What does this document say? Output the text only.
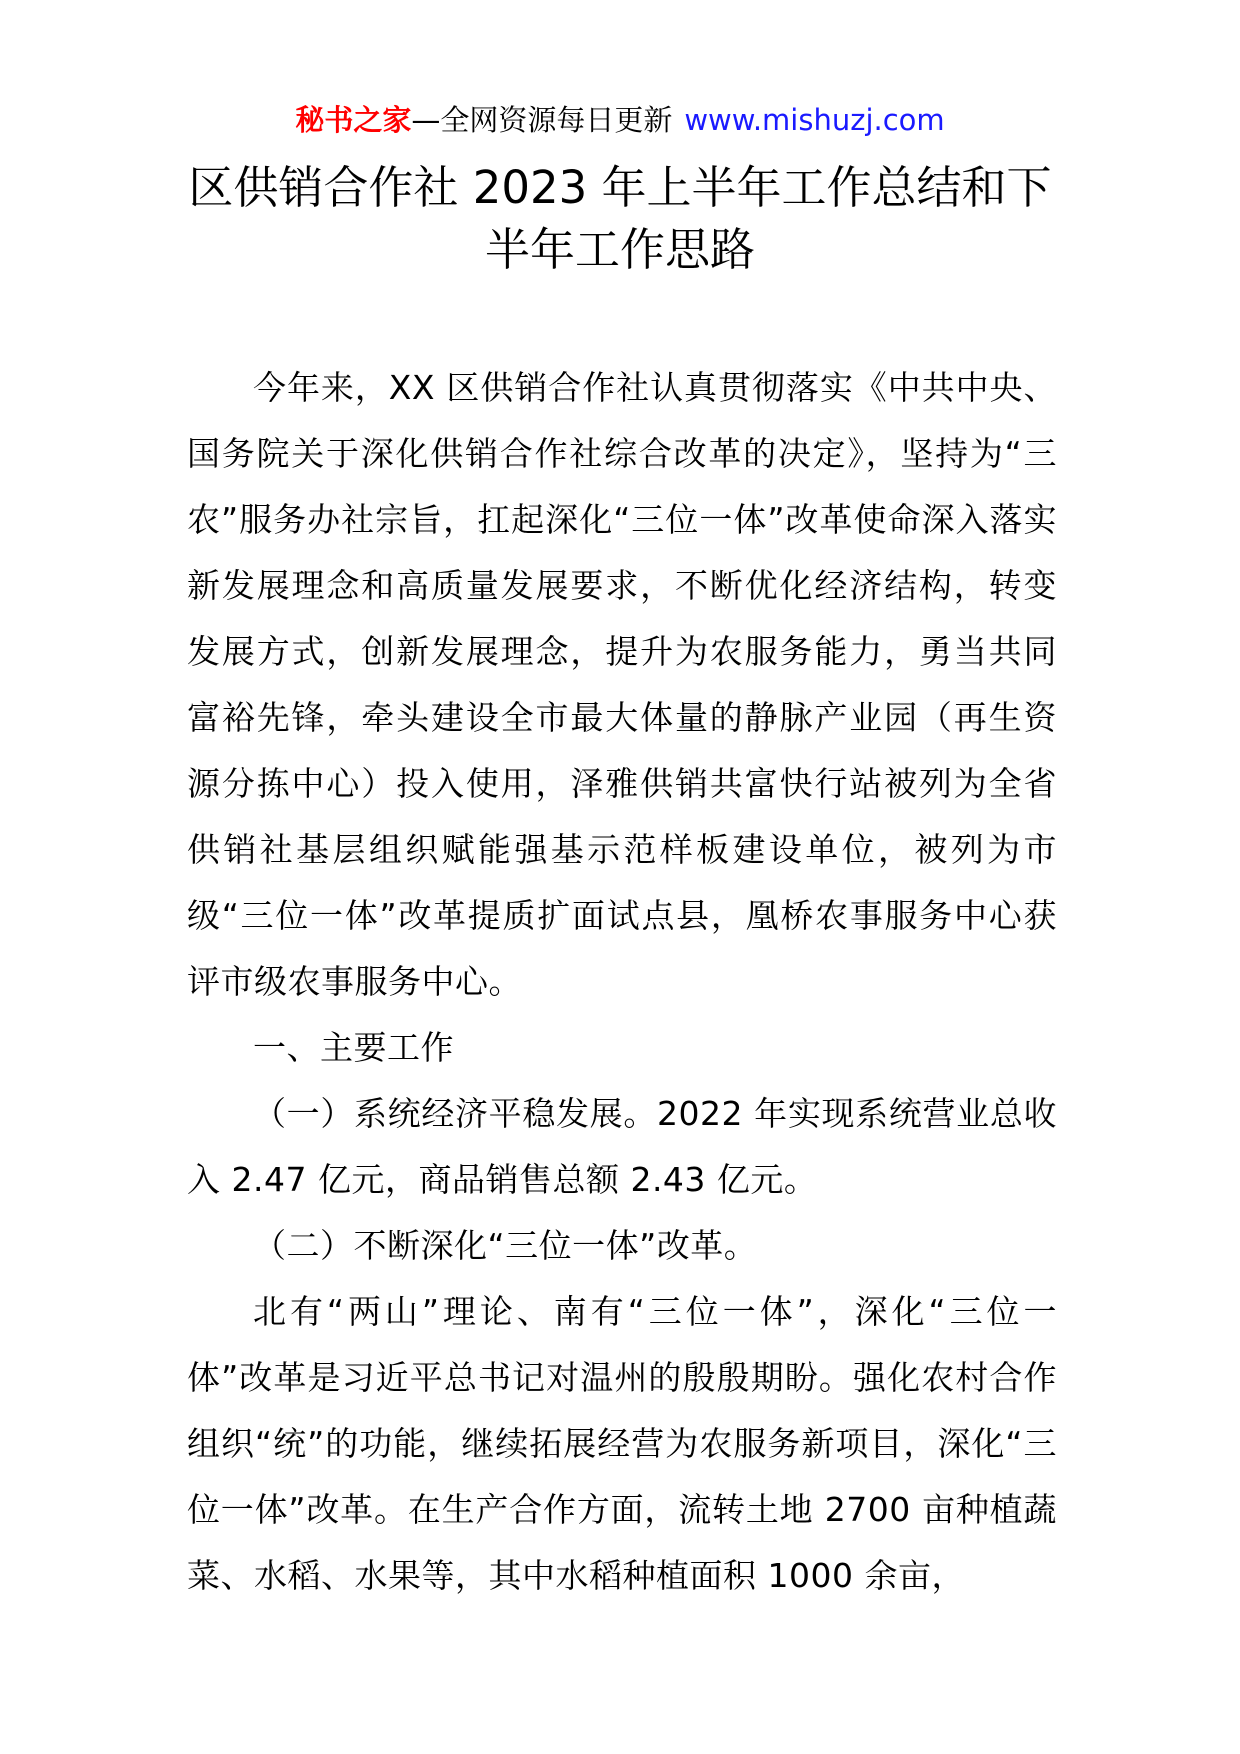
秘书之家—全网资源每日更新 www.mishuzj.com
区供销合作社 2023 年上半年工作总结和下
半年工作思路

今年来，XX 区供销合作社认真贯彻落实《中共中央、国务院关于深化供销合作社综合改革的决定》，坚持为“三农”服务办社宗旨，扛起深化“三位一体”改革使命深入落实新发展理念和高质量发展要求，不断优化经济结构，转变发展方式，创新发展理念，提升为农服务能力，勇当共同富裕先锋，牵头建设全市最大体量的静脉产业园（再生资源分拣中心）投入使用，泽雅供销共富快行站被列为全省供销社基层组织赋能强基示范样板建设单位，被列为市级“三位一体”改革提质扩面试点县，凰桥农事服务中心获评市级农事服务中心。

一、主要工作

（一）系统经济平稳发展。2022 年实现系统营业总收入 2.47 亿元，商品销售总额 2.43 亿元。

（二）不断深化“三位一体”改革。

北有“两山”理论、南有“三位一体”，深化“三位一体”改革是习近平总书记对温州的殷殷期盼。强化农村合作组织“统”的功能，继续拓展经营为农服务新项目，深化“三位一体”改革。在生产合作方面，流转土地 2700 亩种植蔬菜、水稻、水果等，其中水稻种植面积 1000 余亩，
